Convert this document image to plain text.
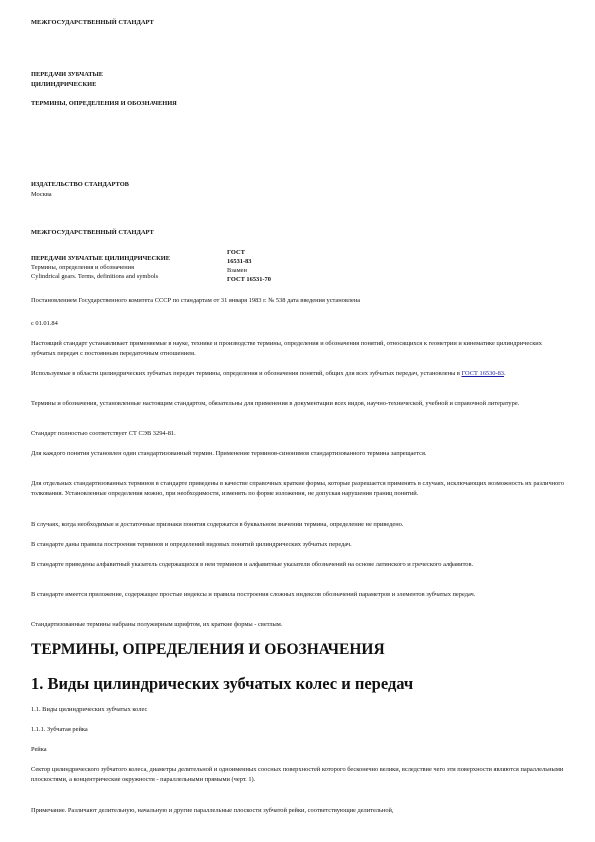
МЕЖГОСУДАРСТВЕННЫЙ СТАНДАРТ

ПЕРЕДАЧИ ЗУБЧАТЫЕ

ЦИЛИНДРИЧЕСКИЕ

ТЕРМИНЫ, ОПРЕДЕЛЕНИЯ И ОБОЗНАЧЕНИЯ

ИЗДАТЕЛЬСТВО СТАНДАРТОВ

Москва

МЕЖГОСУДАРСТВЕННЫЙ СТАНДАРТ

ПЕРЕДАЧИ ЗУБЧАТЫЕ ЦИЛИНДРИЧЕСКИЕ
Термины, определения и обозначения
Cylindrical gears. Terms, definitions and symbols

ГОСТ
16531-83
Взамен
ГОСТ 16531-70

Постановлением Государственного комитета СССР по стандартам от 31 января 1983 г. № 538 дата введения установлена

с 01.01.84

Настоящий стандарт устанавливает применяемые в науке, технике и производстве термины, определения и обозначения понятий, относящихся к геометрии и кинематике цилиндрических зубчатых передач с постоянным передаточным отношением.

Используемые в области цилиндрических зубчатых передач термины, определения и обозначения понятий, общих для всех зубчатых передач, установлены в ГОСТ 16530-83.

Термины и обозначения, установленные настоящим стандартом, обязательны для применения в документации всех видов, научно-технической, учебной и справочной литературе.

Стандарт полностью соответствует СТ СЭВ 3294-81.

Для каждого понятия установлен один стандартизованный термин. Применение терминов-синонимов стандартизованного термина запрещается.

Для отдельных стандартизованных терминов в стандарте приведены в качестве справочных краткие формы, которые разрешается применять в случаях, исключающих возможность их различного толкования. Установленные определения можно, при необходимости, изменять по форме изложения, не допуская нарушения границ понятий.

В случаях, когда необходимые и достаточные признаки понятия содержатся в буквальном значении термина, определение не приведено.

В стандарте даны правила построения терминов и определений видовых понятий цилиндрических зубчатых передач.

В стандарте приведены алфавитный указатель содержащихся в нем терминов и алфавитные указатели обозначений на основе латинского и греческого алфавитов.

В стандарте имеется приложение, содержащее простые индексы и правила построения сложных индексов обозначений параметров и элементов зубчатых передач.

Стандартизованные термины набраны полужирным шрифтом, их краткие формы - светлым.

ТЕРМИНЫ, ОПРЕДЕЛЕНИЯ И ОБОЗНАЧЕНИЯ
1. Виды цилиндрических зубчатых колес и передач

1.1. Виды цилиндрических зубчатых колес

1.1.1. Зубчатая рейка

Рейка

Сектор цилиндрического зубчатого колеса, диаметры делительной и одноименных соосных поверхностей которого бесконечно велики, вследствие чего эти поверхности являются параллельными плоскостями, а концентрические окружности - параллельными прямыми (черт. 1).

Примечание. Различают делительную, начальную и другие параллельные плоскости зубчатой рейки, соответствующие делительной,
